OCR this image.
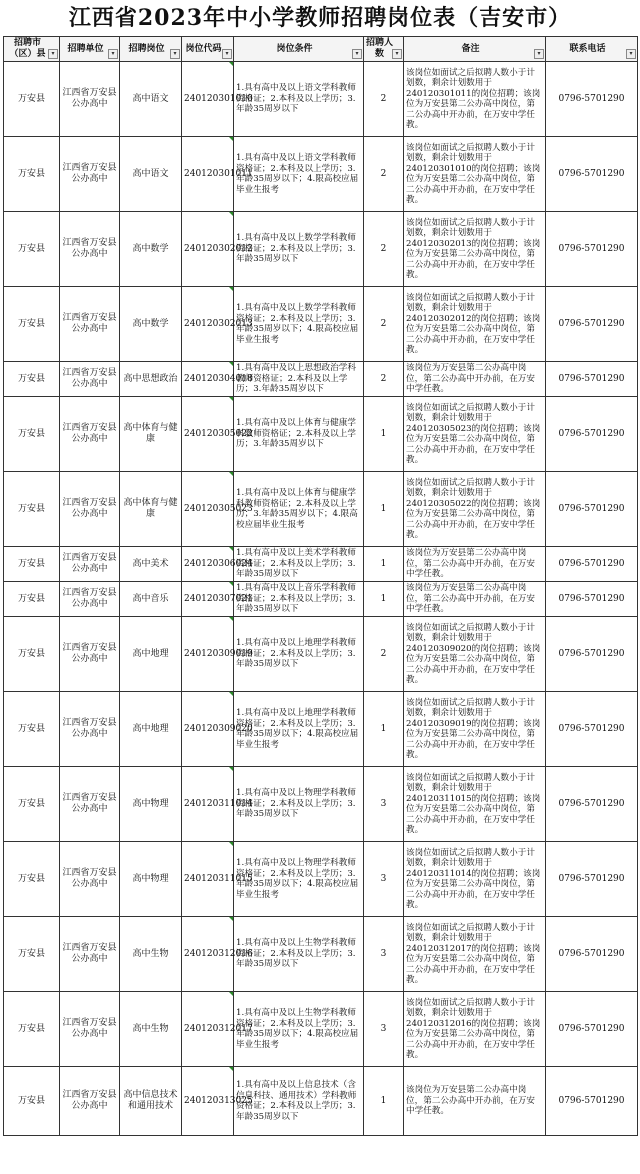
江西省2023年中小学教师招聘岗位表（吉安市）
招聘市（区）县 ▾	招聘单位 ▾	招聘岗位 ▾	岗位代码 ▾	岗位条件 ▾	招聘人数 ▾	备注 ▾	联系电话 ▾

万安县	江西省万安县公办高中	高中语文	240120301010	1.具有高中及以上语文学科教师资格证；2.本科及以上学历；3.年龄35周岁以下	2	该岗位如面试之后拟聘人数小于计划数，剩余计划数用于240120301011的岗位招聘；该岗位为万安县第二公办高中岗位，第二公办高中开办前，在万安中学任教。	0796-5701290
万安县	江西省万安县公办高中	高中语文	240120301011	1.具有高中及以上语文学科教师资格证；2.本科及以上学历；3.年龄35周岁以下；4.限高校应届毕业生报考	2	该岗位如面试之后拟聘人数小于计划数，剩余计划数用于240120301010的岗位招聘；该岗位为万安县第二公办高中岗位，第二公办高中开办前，在万安中学任教。	0796-5701290
万安县	江西省万安县公办高中	高中数学	240120302012	1.具有高中及以上数学学科教师资格证；2.本科及以上学历；3.年龄35周岁以下	2	该岗位如面试之后拟聘人数小于计划数，剩余计划数用于240120302013的岗位招聘；该岗位为万安县第二公办高中岗位，第二公办高中开办前，在万安中学任教。	0796-5701290
万安县	江西省万安县公办高中	高中数学	240120302013	1.具有高中及以上数学学科教师资格证；2.本科及以上学历；3.年龄35周岁以下；4.限高校应届毕业生报考	2	该岗位如面试之后拟聘人数小于计划数，剩余计划数用于240120302012的岗位招聘；该岗位为万安县第二公办高中岗位，第二公办高中开办前，在万安中学任教。	0796-5701290
万安县	江西省万安县公办高中	高中思想政治	240120304018	1.具有高中及以上思想政治学科教师资格证；2.本科及以上学历；3.年龄35周岁以下	2	该岗位为万安县第二公办高中岗位，第二公办高中开办前，在万安中学任教。	0796-5701290
万安县	江西省万安县公办高中	高中体育与健康	240120305022	1.具有高中及以上体育与健康学科教师资格证；2.本科及以上学历；3.年龄35周岁以下	1	该岗位如面试之后拟聘人数小于计划数，剩余计划数用于240120305023的岗位招聘；该岗位为万安县第二公办高中岗位，第二公办高中开办前，在万安中学任教。	0796-5701290
万安县	江西省万安县公办高中	高中体育与健康	240120305023	1.具有高中及以上体育与健康学科教师资格证；2.本科及以上学历；3.年龄35周岁以下；4.限高校应届毕业生报考	1	该岗位如面试之后拟聘人数小于计划数，剩余计划数用于240120305022的岗位招聘；该岗位为万安县第二公办高中岗位，第二公办高中开办前，在万安中学任教。	0796-5701290
万安县	江西省万安县公办高中	高中美术	240120306024	1.具有高中及以上美术学科教师资格证；2.本科及以上学历；3.年龄35周岁以下	1	该岗位为万安县第二公办高中岗位，第二公办高中开办前，在万安中学任教。	0796-5701290
万安县	江西省万安县公办高中	高中音乐	240120307021	1.具有高中及以上音乐学科教师资格证；2.本科及以上学历；3.年龄35周岁以下	1	该岗位为万安县第二公办高中岗位，第二公办高中开办前，在万安中学任教。	0796-5701290
万安县	江西省万安县公办高中	高中地理	240120309019	1.具有高中及以上地理学科教师资格证；2.本科及以上学历；3.年龄35周岁以下	2	该岗位如面试之后拟聘人数小于计划数，剩余计划数用于240120309020的岗位招聘；该岗位为万安县第二公办高中岗位，第二公办高中开办前，在万安中学任教。	0796-5701290
万安县	江西省万安县公办高中	高中地理	240120309020	1.具有高中及以上地理学科教师资格证；2.本科及以上学历；3.年龄35周岁以下；4.限高校应届毕业生报考	1	该岗位如面试之后拟聘人数小于计划数，剩余计划数用于240120309019的岗位招聘；该岗位为万安县第二公办高中岗位，第二公办高中开办前，在万安中学任教。	0796-5701290
万安县	江西省万安县公办高中	高中物理	240120311014	1.具有高中及以上物理学科教师资格证；2.本科及以上学历；3.年龄35周岁以下	3	该岗位如面试之后拟聘人数小于计划数，剩余计划数用于240120311015的岗位招聘；该岗位为万安县第二公办高中岗位，第二公办高中开办前，在万安中学任教。	0796-5701290
万安县	江西省万安县公办高中	高中物理	240120311015	1.具有高中及以上物理学科教师资格证；2.本科及以上学历；3.年龄35周岁以下；4.限高校应届毕业生报考	3	该岗位如面试之后拟聘人数小于计划数，剩余计划数用于240120311014的岗位招聘；该岗位为万安县第二公办高中岗位，第二公办高中开办前，在万安中学任教。	0796-5701290
万安县	江西省万安县公办高中	高中生物	240120312016	1.具有高中及以上生物学科教师资格证；2.本科及以上学历；3.年龄35周岁以下	3	该岗位如面试之后拟聘人数小于计划数，剩余计划数用于240120312017的岗位招聘；该岗位为万安县第二公办高中岗位，第二公办高中开办前，在万安中学任教。	0796-5701290
万安县	江西省万安县公办高中	高中生物	240120312017	1.具有高中及以上生物学科教师资格证；2.本科及以上学历；3.年龄35周岁以下；4.限高校应届毕业生报考	3	该岗位如面试之后拟聘人数小于计划数，剩余计划数用于240120312016的岗位招聘；该岗位为万安县第二公办高中岗位，第二公办高中开办前，在万安中学任教。	0796-5701290
万安县	江西省万安县公办高中	高中信息技术和通用技术	240120313025	1.具有高中及以上信息技术（含信息科技、通用技术）学科教师资格证；2.本科及以上学历；3.年龄35周岁以下	1	该岗位为万安县第二公办高中岗位，第二公办高中开办前，在万安中学任教。	0796-5701290
